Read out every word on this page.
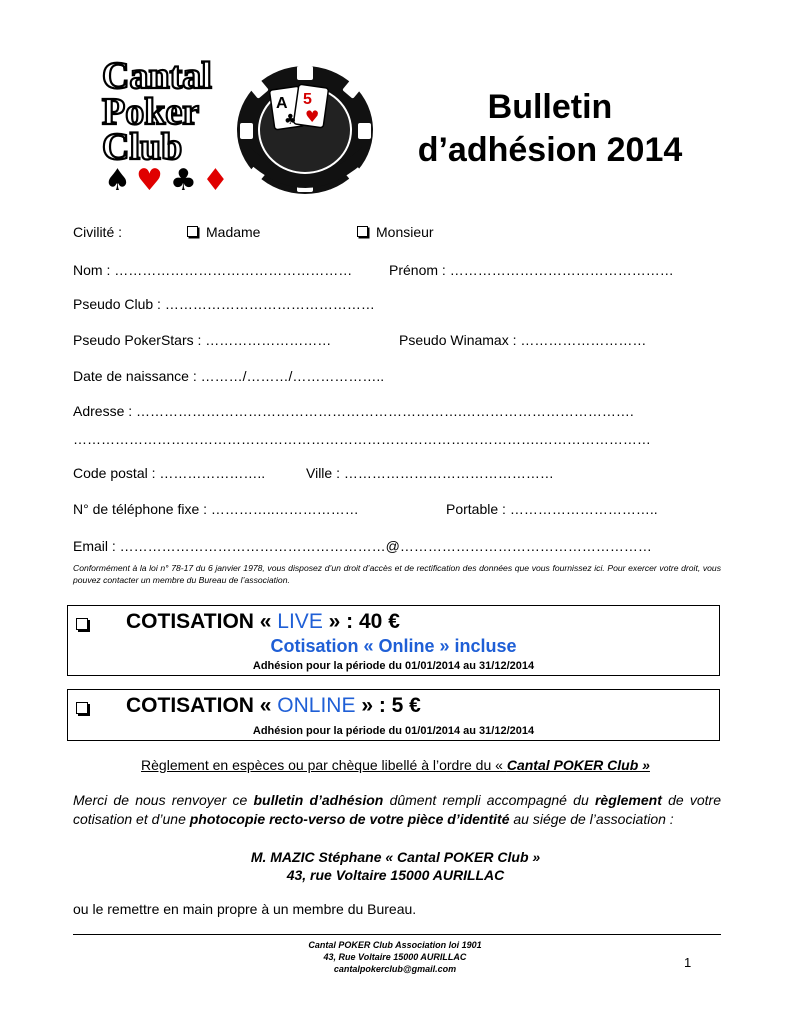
A
♣
5
♥
Cantal
Poker
Club
♠ ♥ ♣ ♦
Bulletin
d’adhésion 2014
Civilité :	Madame	Monsieur
Nom : ……………………………………………	Prénom : …………………………………………
Pseudo Club : ………………………………………
Pseudo PokerStars : ………………………	Pseudo Winamax : ………………………
Date de naissance : ………/………/………………..
Adresse : …………………………………………………………….……………………………….
……………………………………………………………………………………….……………………
Code postal : …………………..	Ville : ………………………………………
N° de téléphone fixe : …………..………………	Portable : …………………………..
Email : …………………………………………………@………………………………………………
Conformément à la loi n° 78-17 du 6 janvier 1978, vous disposez d’un droit d’accès et de rectification des données que vous fournissez ici. Pour exercer votre droit, vous pouvez contacter un membre du Bureau de l’association.
COTISATION « LIVE » : 40 €
Cotisation « Online » incluse
Adhésion pour la période du 01/01/2014 au 31/12/2014
COTISATION « ONLINE » : 5 €
Adhésion pour la période du 01/01/2014 au 31/12/2014
Règlement en espèces ou par chèque libellé à l’ordre du « Cantal POKER Club »
Merci de nous renvoyer ce bulletin d’adhésion dûment rempli accompagné du règlement de votre cotisation et d’une photocopie recto-verso de votre pièce d’identité au siége de l’association :
M. MAZIC Stéphane « Cantal POKER Club »
43, rue Voltaire 15000 AURILLAC
ou le remettre en main propre à un membre du Bureau.
Cantal POKER Club Association loi 1901
43, Rue Voltaire 15000 AURILLAC
cantalpokerclub@gmail.com	1
